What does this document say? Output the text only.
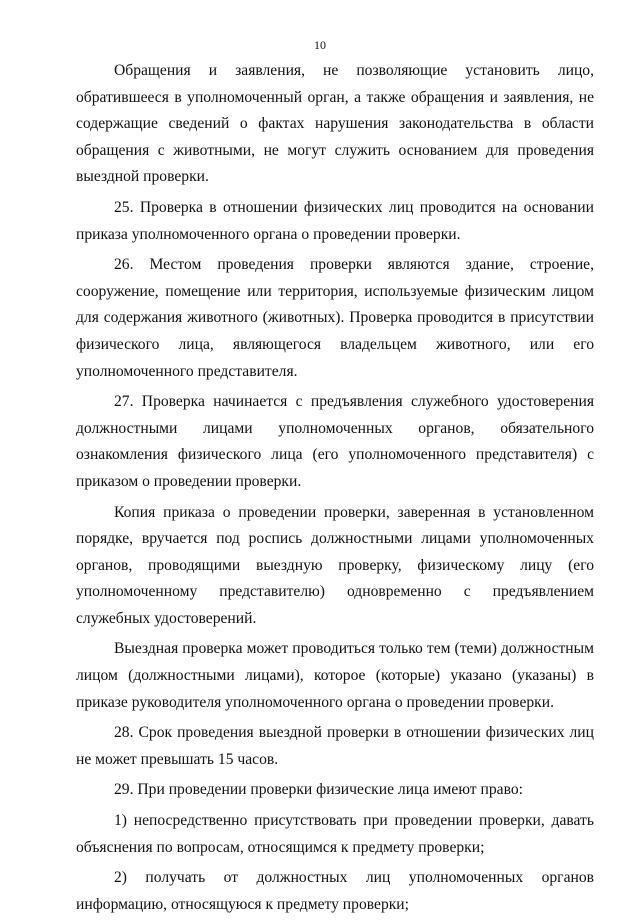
10

Обращения и заявления, не позволяющие установить лицо, обратившееся в уполномоченный орган, а также обращения и заявления, не содержащие сведений о фактах нарушения законодательства в области обращения с животными, не могут служить основанием для проведения выездной проверки.

25. Проверка в отношении физических лиц проводится на основании приказа уполномоченного органа о проведении проверки.

26. Местом проведения проверки являются здание, строение, сооружение, помещение или территория, используемые физическим лицом для содержания животного (животных). Проверка проводится в присутствии физического лица, являющегося владельцем животного, или его уполномоченного представителя.

27. Проверка начинается с предъявления служебного удостоверения должностными лицами уполномоченных органов, обязательного ознакомления физического лица (его уполномоченного представителя) с приказом о проведении проверки.

Копия приказа о проведении проверки, заверенная в установленном порядке, вручается под роспись должностными лицами уполномоченных органов, проводящими выездную проверку, физическому лицу (его уполномоченному представителю) одновременно с предъявлением служебных удостоверений.

Выездная проверка может проводиться только тем (теми) должностным лицом (должностными лицами), которое (которые) указано (указаны) в приказе руководителя уполномоченного органа о проведении проверки.

28. Срок проведения выездной проверки в отношении физических лиц не может превышать 15 часов.

29. При проведении проверки физические лица имеют право:

1) непосредственно присутствовать при проведении проверки, давать объяснения по вопросам, относящимся к предмету проверки;

2) получать от должностных лиц уполномоченных органов информацию, относящуюся к предмету проверки;
